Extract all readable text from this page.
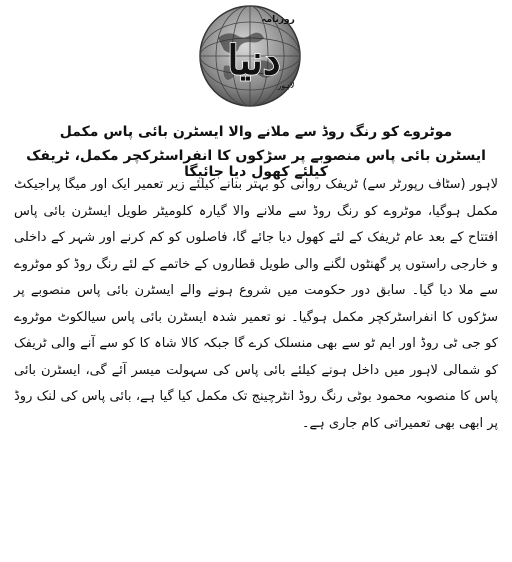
دنیا
روزنامہ
لاہور
موٹروے کو رنگ روڈ سے ملانے والا ایسٹرن بائی پاس مکمل
ایسٹرن بائی پاس منصوبے پر سڑکوں کا انفراسٹرکچر مکمل، ٹریفک کیلئے کھول دیا جائیگا
لاہور (سٹاف رپورٹر سے) ٹریفک روانی کو بہتر بنانے کیلئے زیر تعمیر ایک اور میگا پراجیکٹ مکمل ہوگیا، موٹروے کو رنگ روڈ سے ملانے والا گیارہ کلومیٹر طویل ایسٹرن بائی پاس افتتاح کے بعد عام ٹریفک کے لئے کھول دیا جائے گا، فاصلوں کو کم کرنے اور شہر کے داخلی و خارجی راستوں پر گھنٹوں لگنے والی طویل قطاروں کے خاتمے کے لئے رنگ روڈ کو موٹروے سے ملا دیا گیا۔ سابق دور حکومت میں شروع ہونے والے ایسٹرن بائی پاس منصوبے پر سڑکوں کا انفراسٹرکچر مکمل ہوگیا۔ نو تعمیر شدہ ایسٹرن بائی پاس سیالکوٹ موٹروے کو جی ٹی روڈ اور ایم ٹو سے بھی منسلک کرے گا جبکہ کالا شاہ کا کو سے آنے والی ٹریفک کو شمالی لاہور میں داخل ہونے کیلئے بائی پاس کی سہولت میسر آئے گی، ایسٹرن بائی پاس کا منصوبہ محمود بوٹی رنگ روڈ انٹرچینج تک مکمل کیا گیا ہے، بائی پاس کی لنک روڈ پر ابھی بھی تعمیراتی کام جاری ہے۔
